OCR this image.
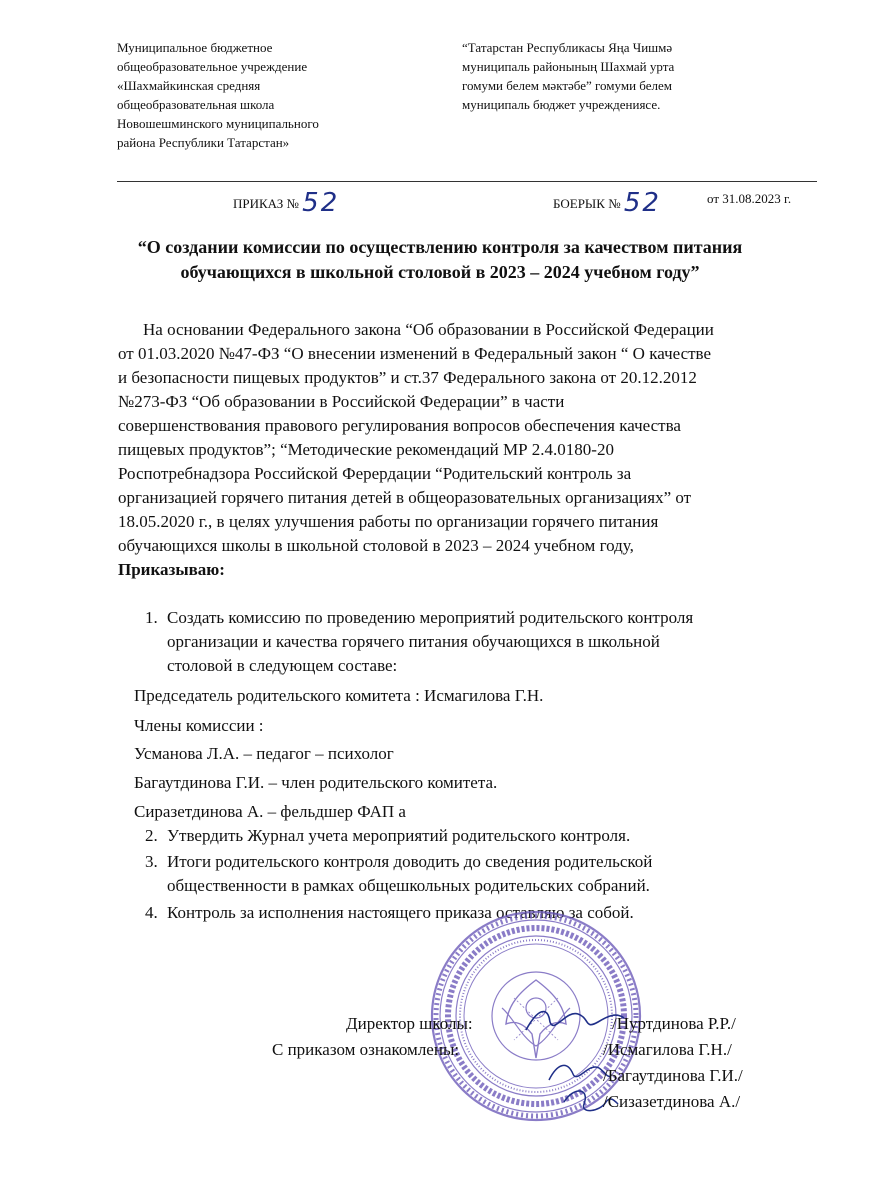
Муниципальное бюджетное
общеобразовательное учреждение
«Шахмайкинская средняя
общеобразовательная школа
Новошешминского муниципального
района Республики Татарстан»
“Татарстан Республикасы Яңа Чишмә
муниципаль районының Шахмай урта
гомуми белем мәктәбе” гомуми белем
муниципаль бюджет учреждениясе.
ПРИКАЗ № 52	БОЕРЫК № 52	от 31.08.2023 г.
“О создании комиссии по осуществлению контроля за качеством питания
обучающихся в школьной столовой в 2023 – 2024 учебном году”
На основании Федерального закона “Об образовании в Российской Федерации
от 01.03.2020 №47-ФЗ “О внесении изменений в Федеральный закон “ О качестве
и безопасности пищевых продуктов” и ст.37 Федерального закона от 20.12.2012
№273-ФЗ “Об образовании в Российской Федерации” в части
совершенствования правового регулирования вопросов обеспечения качества
пищевых продуктов”; “Методические рекомендаций МР 2.4.0180-20
Роспотребнадзора Российской Ферердации “Родительский контроль за
организацией горячего питания детей в общеоразовательных организациях” от
18.05.2020 г., в целях улучшения работы по организации горячего питания
обучающихся школы в школьной столовой в 2023 – 2024 учебном году,
Приказываю:
1. Создать комиссию по проведению мероприятий родительского контроля
организации и качества горячего питания обучающихся в школьной
столовой в следующем составе:
Председатель родительского комитета : Исмагилова Г.Н.
Члены комиссии :
Усманова Л.А. – педагог – психолог
Багаутдинова Г.И. – член родительского комитета.
Сиразетдинова А. – фельдшер ФАП а
2. Утвердить Журнал учета мероприятий родительского контроля.
3. Итоги родительского контроля доводить до сведения родительской
общественности в рамках общешкольных родительских собраний.
4. Контроль за исполнения настоящего приказа оставляю за собой.
Директор школы:
С приказом ознакомлены:
/Нуртдинова Р.Р./
/Исмагилова Г.Н./
/Багаутдинова Г.И./
/Сизазетдинова А./
